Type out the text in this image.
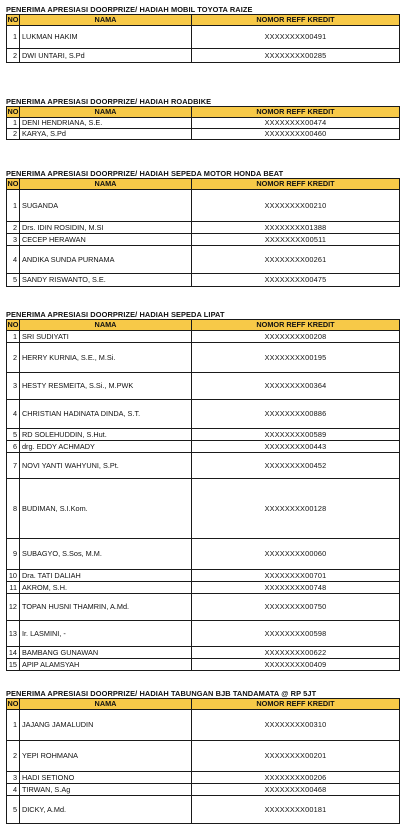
PENERIMA APRESIASI DOORPRIZE/ HADIAH MOBIL TOYOTA RAIZE
NO	NAMA	NOMOR REFF KREDIT
1	LUKMAN HAKIM	XXXXXXXX00491
2	DWI UNTARI, S.Pd	XXXXXXXX00285
PENERIMA APRESIASI DOORPRIZE/ HADIAH ROADBIKE
NO	NAMA	NOMOR REFF KREDIT
1	DENI HENDRIANA, S.E.	XXXXXXXX00474
2	KARYA, S.Pd	XXXXXXXX00460
PENERIMA APRESIASI DOORPRIZE/ HADIAH SEPEDA MOTOR HONDA BEAT
NO	NAMA	NOMOR REFF KREDIT
1	SUGANDA	XXXXXXXX00210
2	Drs. IDIN ROSIDIN, M.SI	XXXXXXXX01388
3	CECEP HERAWAN	XXXXXXXX00511
4	ANDIKA SUNDA PURNAMA	XXXXXXXX00261
5	SANDY RISWANTO, S.E.	XXXXXXXX00475
PENERIMA APRESIASI DOORPRIZE/ HADIAH SEPEDA LIPAT
NO	NAMA	NOMOR REFF KREDIT
1	SRI SUDIYATI	XXXXXXXX00208
2	HERRY KURNIA, S.E., M.Si.	XXXXXXXX00195
3	HESTY RESMEITA, S.Si., M.PWK	XXXXXXXX00364
4	CHRISTIAN HADINATA DINDA, S.T.	XXXXXXXX00886
5	RD SOLEHUDDIN, S.Hut.	XXXXXXXX00589
6	drg. EDDY ACHMADY	XXXXXXXX00443
7	NOVI YANTI WAHYUNI, S.Pt.	XXXXXXXX00452
8	BUDIMAN, S.I.Kom.	XXXXXXXX00128
9	SUBAGYO, S.Sos, M.M.	XXXXXXXX00060
10	Dra. TATI DALIAH	XXXXXXXX00701
11	AKROM, S.H.	XXXXXXXX00748
12	TOPAN HUSNI THAMRIN, A.Md.	XXXXXXXX00750
13	Ir. LASMINI, -	XXXXXXXX00598
14	BAMBANG GUNAWAN	XXXXXXXX00622
15	APIP ALAMSYAH	XXXXXXXX00409
PENERIMA APRESIASI DOORPRIZE/ HADIAH TABUNGAN BJB TANDAMATA @ RP 5JT
NO	NAMA	NOMOR REFF KREDIT
1	JAJANG JAMALUDIN	XXXXXXXX00310
2	YEPI ROHMANA	XXXXXXXX00201
3	HADI SETIONO	XXXXXXXX00206
4	TIRWAN, S.Ag	XXXXXXXX00468
5	DICKY, A.Md.	XXXXXXXX00181
